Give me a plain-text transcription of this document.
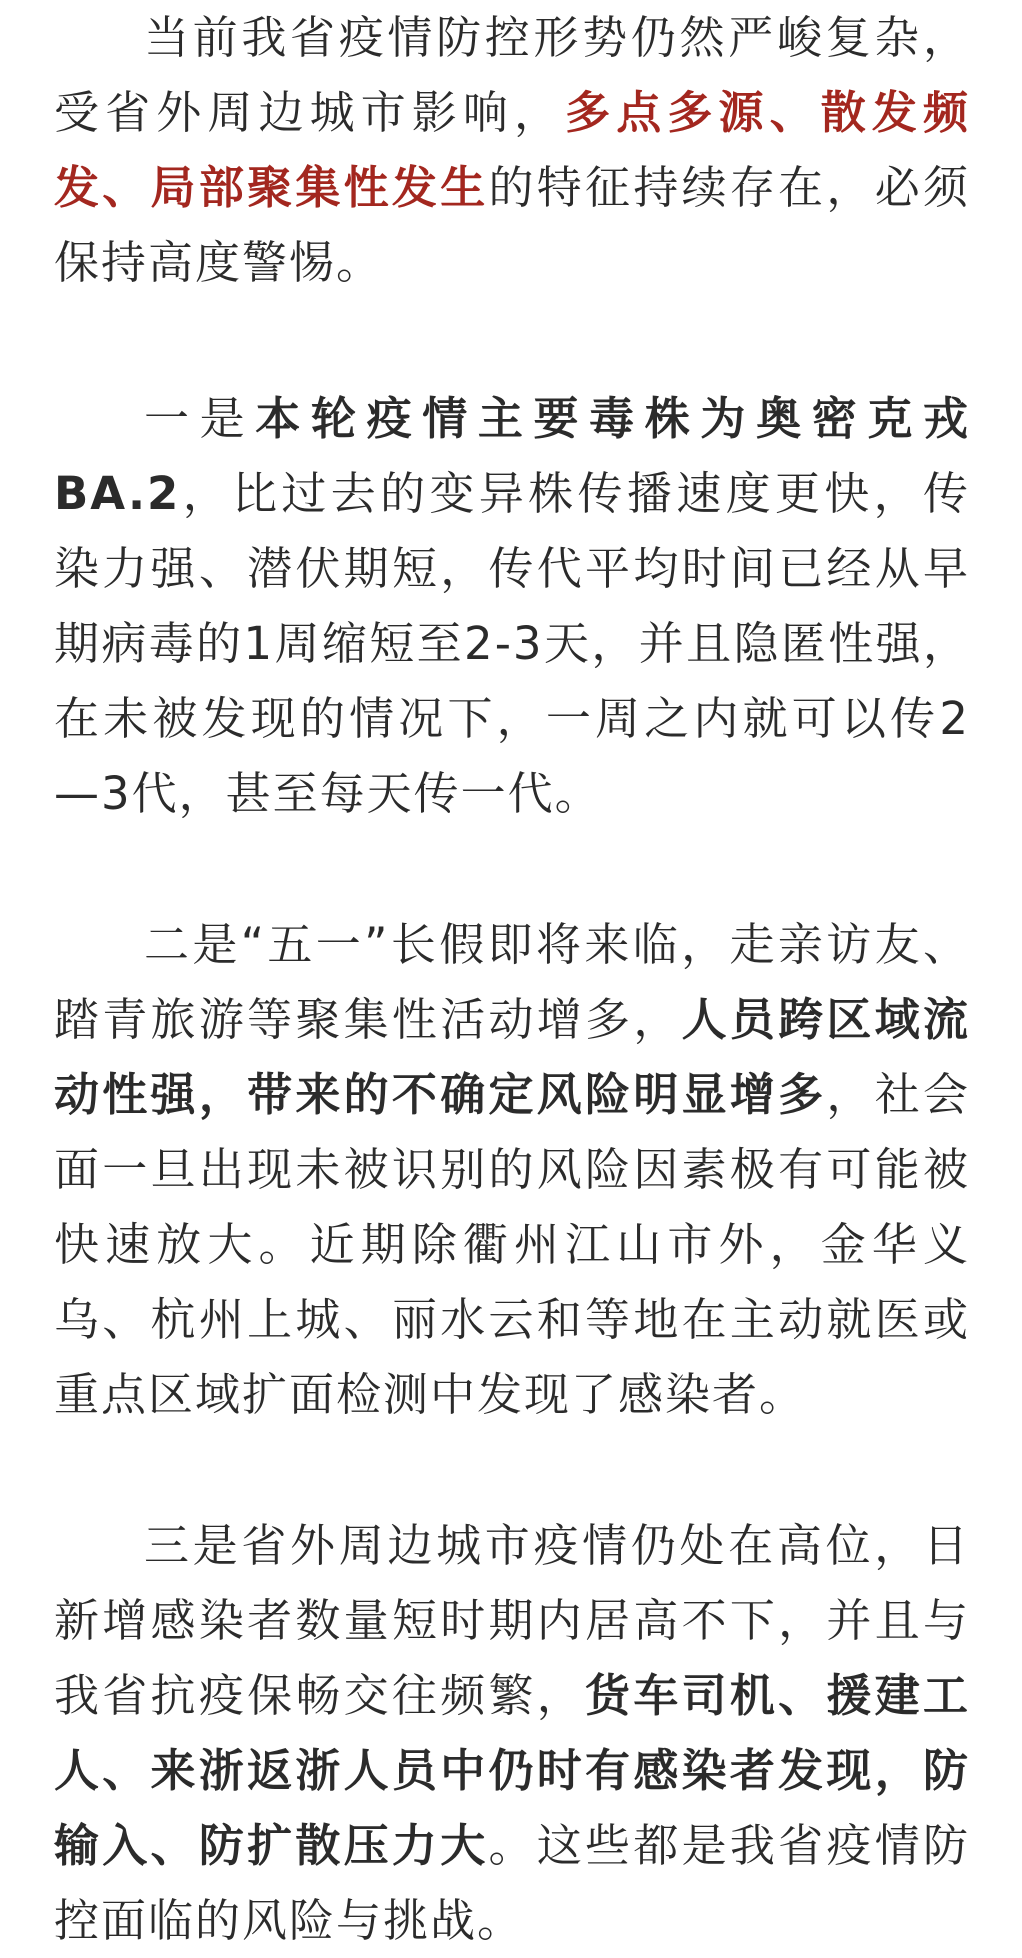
当前我省疫情防控形势仍然严峻复杂，受省外周边城市影响，多点多源、散发频发、局部聚集性发生的特征持续存在，必须保持高度警惕。

一是本轮疫情主要毒株为奥密克戎BA.2，比过去的变异株传播速度更快，传染力强、潜伏期短，传代平均时间已经从早期病毒的1周缩短至2-3天，并且隐匿性强，在未被发现的情况下，一周之内就可以传2—3代，甚至每天传一代。

二是“五一”长假即将来临，走亲访友、踏青旅游等聚集性活动增多，人员跨区域流动性强，带来的不确定风险明显增多，社会面一旦出现未被识别的风险因素极有可能被快速放大。近期除衢州江山市外，金华义乌、杭州上城、丽水云和等地在主动就医或重点区域扩面检测中发现了感染者。

三是省外周边城市疫情仍处在高位，日新增感染者数量短时期内居高不下，并且与我省抗疫保畅交往频繁，货车司机、援建工人、来浙返浙人员中仍时有感染者发现，防输入、防扩散压力大。这些都是我省疫情防控面临的风险与挑战。
